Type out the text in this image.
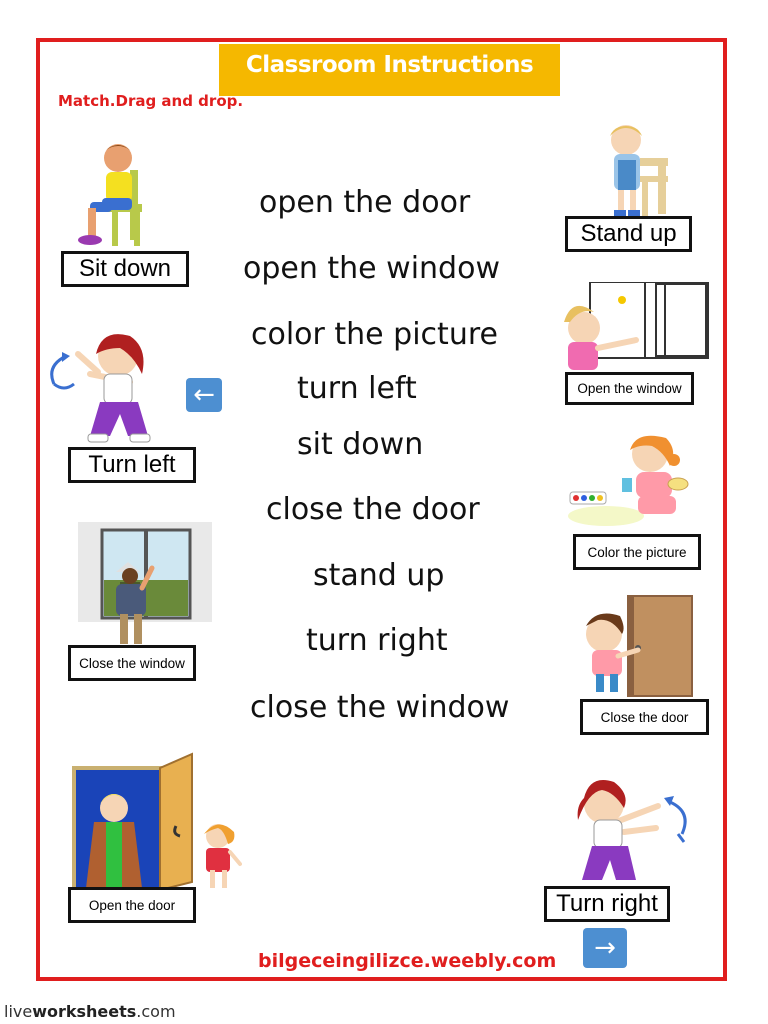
Classroom Instructions
Match.Drag and drop.
open the door
open the window
color the picture
turn left
sit down
close the door
stand up
turn right
close the window
←
→
Sit down
Stand up
Open the window
Turn left
Color the picture
Close the window
Close the door
Open the door	Turn right
bilgeceingilizce.weebly.com
liveworksheets.com
